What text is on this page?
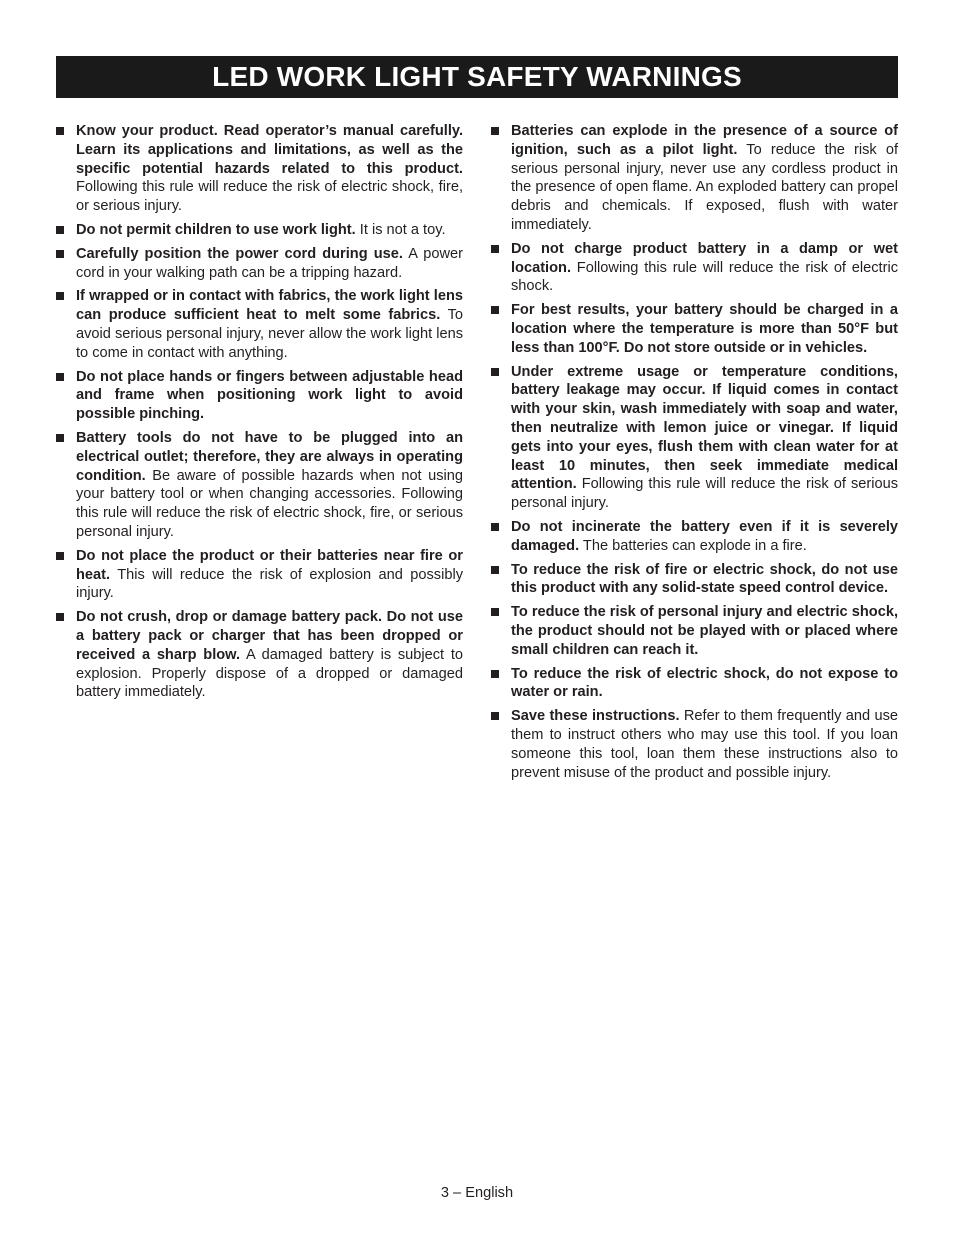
LED WORK LIGHT SAFETY WARNINGS
Know your product. Read operator’s manual carefully. Learn its applications and limitations, as well as the specific potential hazards related to this product. Following this rule will reduce the risk of electric shock, fire, or serious injury.
Do not permit children to use work light. It is not a toy.
Carefully position the power cord during use. A power cord in your walking path can be a tripping hazard.
If wrapped or in contact with fabrics, the work light lens can produce sufficient heat to melt some fabrics. To avoid serious personal injury, never allow the work light lens to come in contact with anything.
Do not place hands or fingers between adjustable head and frame when positioning work light to avoid possible pinching.
Battery tools do not have to be plugged into an electrical outlet; therefore, they are always in operating condition. Be aware of possible hazards when not using your battery tool or when changing accessories. Following this rule will reduce the risk of electric shock, fire, or serious personal injury.
Do not place the product or their batteries near fire or heat. This will reduce the risk of explosion and possibly injury.
Do not crush, drop or damage battery pack. Do not use a battery pack or charger that has been dropped or received a sharp blow. A damaged battery is subject to explosion. Properly dispose of a dropped or damaged battery immediately.
Batteries can explode in the presence of a source of ignition, such as a pilot light. To reduce the risk of serious personal injury, never use any cordless product in the presence of open flame. An exploded battery can propel debris and chemicals. If exposed, flush with water immediately.
Do not charge product battery in a damp or wet location. Following this rule will reduce the risk of electric shock.
For best results, your battery should be charged in a location where the temperature is more than 50°F but less than 100°F. Do not store outside or in vehicles.
Under extreme usage or temperature conditions, battery leakage may occur. If liquid comes in contact with your skin, wash immediately with soap and water, then neutralize with lemon juice or vinegar. If liquid gets into your eyes, flush them with clean water for at least 10 minutes, then seek immediate medical attention. Following this rule will reduce the risk of serious personal injury.
Do not incinerate the battery even if it is severely damaged. The batteries can explode in a fire.
To reduce the risk of fire or electric shock, do not use this product with any solid-state speed control device.
To reduce the risk of personal injury and electric shock, the product should not be played with or placed where small children can reach it.
To reduce the risk of electric shock, do not expose to water or rain.
Save these instructions. Refer to them frequently and use them to instruct others who may use this tool. If you loan someone this tool, loan them these instructions also to prevent misuse of the product and possible injury.
3 – English
